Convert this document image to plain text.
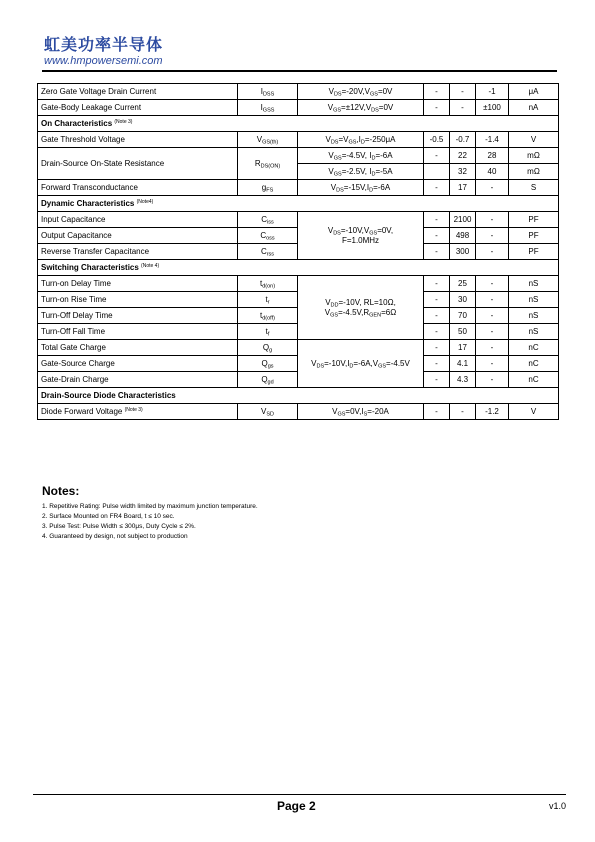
虹美功率半导体
www.hmpowersemi.com
Zero Gate Voltage Drain Current	$I_{DSS}$	$V_{DS}=-20V,V_{GS}=0V$	-	-	-1	μA
Gate-Body Leakage Current	$I_{GSS}$	$V_{GS}=\pm 12V,V_{DS}=0V$	-	-	±100	nA
On Characteristics $^{(Note 3)}$
Gate Threshold Voltage	$V_{GS(th)}$	$V_{DS}=V_{GS},I_D=-250\mu A$	-0.5	-0.7	-1.4	V
Drain-Source On-State Resistance	$R_{DS(ON)}$	$V_{GS}=-4.5V$, $I_D=-6A$	-	22	28	mΩ
		$V_{GS}=-2.5V$, $I_D=-5A$		32	40	mΩ
Forward Transconductance	$g_{FS}$	$V_{DS}=-15V,I_D=-6A$	-	17	-	S
Dynamic Characteristics $^{(Note4)}$
Input Capacitance	$C_{iss}$	$V_{DS}=-10V,V_{GS}=0V$,
F=1.0MHz	-	2100	-	PF
Output Capacitance	$C_{oss}$		-	498	-	PF
Reverse Transfer Capacitance	$C_{rss}$		-	300	-	PF
Switching Characteristics $^{(Note 4)}$
Turn-on Delay Time	$t_{d(on)}$	$V_{DD}=-10V$, RL=10Ω,
$V_{GS}=-4.5V,R_{GEN}=6\Omega$	-	25	-	nS
Turn-on Rise Time	$t_r$		-	30	-	nS
Turn-Off Delay Time	$t_{d(off)}$		-	70	-	nS
Turn-Off Fall Time	$t_f$		-	50	-	nS
Total Gate Charge	$Q_g$	$V_{DS}=-10V,I_D=-6A,V_{GS}=-4.5V$	-	17	-	nC
Gate-Source Charge	$Q_{gs}$		-	4.1	-	nC
Gate-Drain Charge	$Q_{gd}$		-	4.3	-	nC
Drain-Source Diode Characteristics						
Diode Forward Voltage $^{(Note 3)}$	$V_{SD}$	$V_{GS}=0V,I_S=-20A$	-	-	-1.2	V
Notes:
1. Repetitive Rating: Pulse width limited by maximum junction temperature.
2. Surface Mounted on FR4 Board, t ≤ 10 sec.
3. Pulse Test: Pulse Width ≤ 300μs, Duty Cycle ≤ 2%.
4. Guaranteed by design, not subject to production
Page 2	v1.0
